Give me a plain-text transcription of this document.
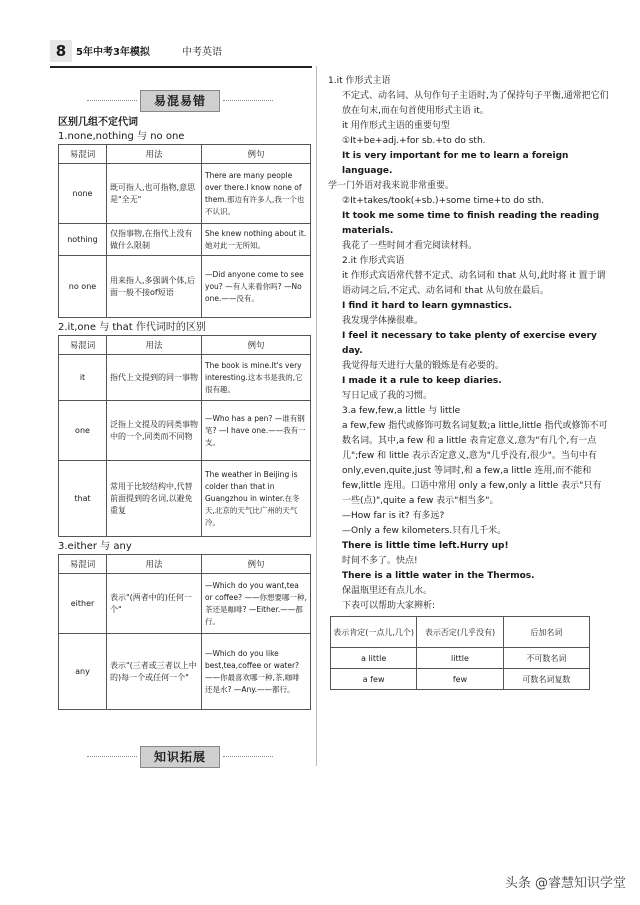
8 5年中考3年模拟	中考英语
易混易错
区别几组不定代词
1.none,nothing 与 no one
易混词	用法	例句
none	既可指人,也可指物,意思是"全无"	There are many people over there.I know none of them.那边有许多人,我一个也不认识。
nothing	仅指事物,在指代上没有做什么限制	She knew nothing about it.她对此一无所知。
no one	用来指人,多强调个体,后面一般不接of短语	—Did anyone come to see you? —有人来看你吗? —No one.——没有。
2.it,one 与 that 作代词时的区别
易混词	用法	例句
it	指代上文提到的同一事物	The book is mine.It's very interesting.这本书是我的,它很有趣。
one	泛指上文提及的同类事物中的一个,同类而不同物	—Who has a pen? —谁有钢笔? —I have one.——我有一支。
that	常用于比较结构中,代替前面提到的名词,以避免重复	The weather in Beijing is colder than that in Guangzhou in winter.在冬天,北京的天气比广州的天气冷。
3.either 与 any
易混词	用法	例句
either	表示"(两者中的)任何一个"	—Which do you want,tea or coffee? ——你想要哪一种,茶还是咖啡? —Either.——都行。
any	表示"(三者或三者以上中的)每一个或任何一个"	—Which do you like best,tea,coffee or water? ——你最喜欢哪一种,茶,咖啡还是水? —Any.——都行。
知识拓展

1.it 作形式主语

不定式、动名词、从句作句子主语时,为了保持句子平衡,通常把它们放在句末,而在句首使用形式主语 it。

it 用作形式主语的重要句型

①It+be+adj.+for sb.+to do sth.

It is very important for me to learn a foreign language.

学一门外语对我来说非常重要。

②It+takes/took(+sb.)+some time+to do sth.

It took me some time to finish reading the reading materials.

我花了一些时间才看完阅读材料。

2.it 作形式宾语

it 作形式宾语常代替不定式、动名词和 that 从句,此时将 it 置于谓语动词之后,不定式、动名词和 that 从句放在最后。

I find it hard to learn gymnastics.

我发现学体操很难。

I feel it necessary to take plenty of exercise every day.

我觉得每天进行大量的锻炼是有必要的。

I made it a rule to keep diaries.

写日记成了我的习惯。

3.a few,few,a little 与 little

a few,few 指代或修饰可数名词复数;a little,little 指代或修饰不可数名词。其中,a few 和 a little 表肯定意义,意为"有几个,有一点儿";few 和 little 表示否定意义,意为"几乎没有,很少"。当句中有 only,even,quite,just 等词时,和 a few,a little 连用,而不能和 few,little 连用。口语中常用 only a few,only a little 表示"只有一些(点)",quite a few 表示"相当多"。

—How far is it? 有多远?

—Only a few kilometers.只有几千米。

There is little time left.Hurry up!

时间不多了。快点!

There is a little water in the Thermos.

保温瓶里还有点儿水。

下表可以帮助大家辨析:

表示肯定(一点儿,几个)	表示否定(几乎没有)	后加名词
a little	little	不可数名词
a few	few	可数名词复数
头条 @睿慧知识学堂
